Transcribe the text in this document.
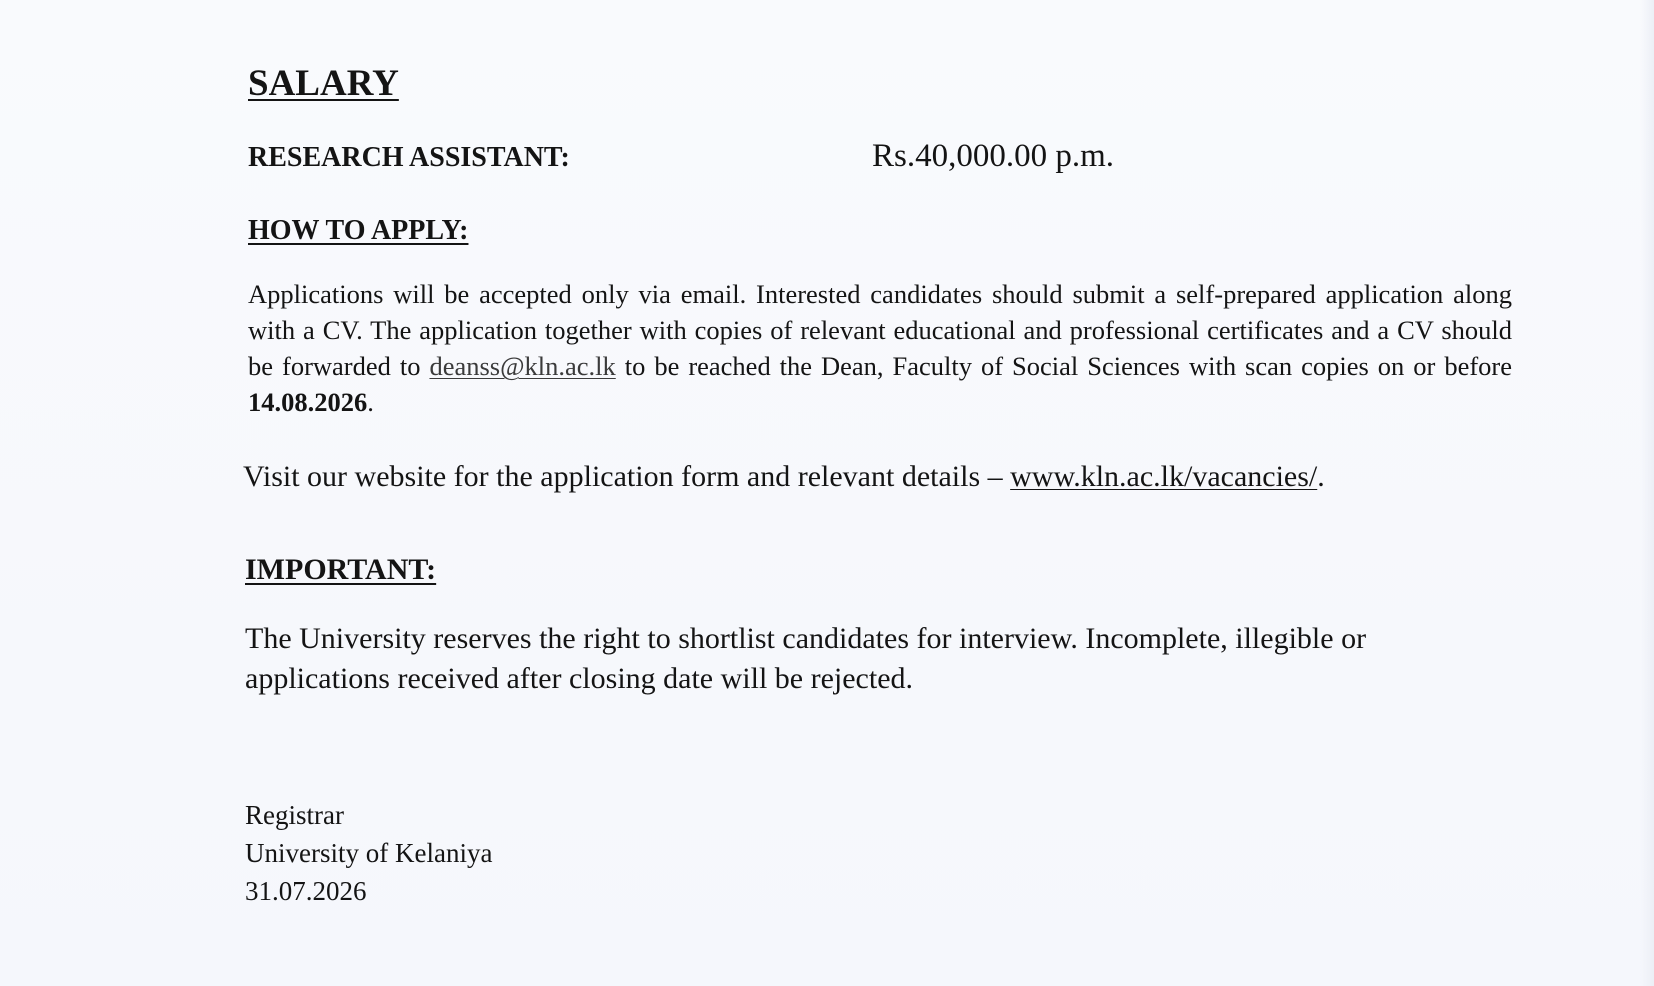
SALARY
RESEARCH ASSISTANT:	Rs.40,000.00 p.m.
HOW TO APPLY:

Applications will be accepted only via email. Interested candidates should submit a self-prepared application along with a CV. The application together with copies of relevant educational and professional certificates and a CV should be forwarded to deanss@kln.ac.lk to be reached the Dean, Faculty of Social Sciences with scan copies on or before 14.08.2026.

Visit our website for the application form and relevant details – www.kln.ac.lk/vacancies/.
IMPORTANT:

The University reserves the right to shortlist candidates for interview. Incomplete, illegible or applications received after closing date will be rejected.

Registrar
University of Kelaniya
31.07.2026
